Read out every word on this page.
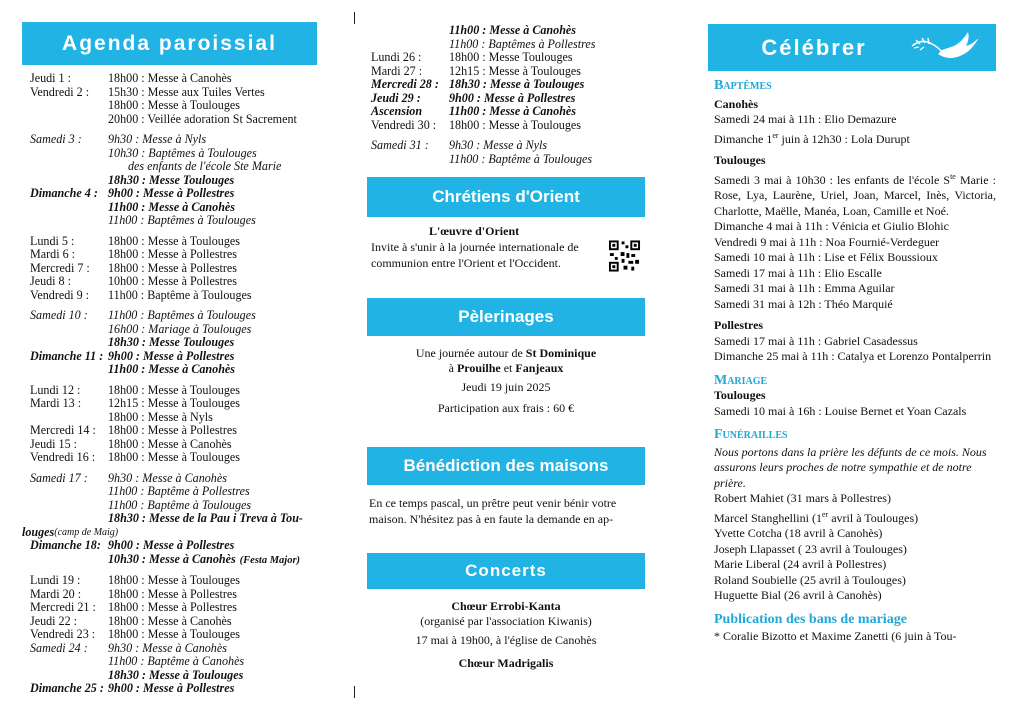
Agenda paroissial
Jeudi 1 :	18h00 : Messe à Canohès
Vendredi 2 :	15h30 : Messe aux Tuiles Vertes
18h00 : Messe à Toulouges
20h00 : Veillée adoration St Sacrement
Samedi 3 :	9h30 : Messe à Nyls
10h30 : Baptêmes à Toulouges
des enfants de l'école Ste Marie
18h30 : Messe Toulouges
Dimanche 4 : 9h00 : Messe à Pollestres
11h00 : Messe à Canohès
11h00 : Baptêmes à Toulouges
Lundi 5 :	18h00 : Messe à Toulouges
Mardi 6 :	18h00 : Messe à Pollestres
Mercredi 7 :	18h00 : Messe à Pollestres
Jeudi 8 :	10h00 : Messe à Pollestres
Vendredi 9 :	11h00 : Baptême à Toulouges
Samedi 10 :	11h00 : Baptêmes à Toulouges
16h00 : Mariage à Toulouges
18h30 : Messe Toulouges
Dimanche 11 : 9h00 : Messe à Pollestres
11h00 : Messe à Canohès
Lundi 12 :	18h00 : Messe à Toulouges
Mardi 13 :	12h15 : Messe à Toulouges
18h00 : Messe à Nyls
Mercredi 14 :	18h00 : Messe à Pollestres
Jeudi 15 :	18h00 : Messe à Canohès
Vendredi 16 :	18h00 : Messe à Toulouges
Samedi 17 :	9h30 : Messe à Canohès
11h00 : Baptême à Pollestres
11h00 : Baptême à Toulouges
18h30 : Messe de la Pau i Treva à Tou-
louges (camp de Maig)
Dimanche 18: 9h00 : Messe à Pollestres
10h30 : Messe à Canohès (Festa Major)
Lundi 19 :	18h00 : Messe à Toulouges
Mardi 20 :	18h00 : Messe à Pollestres
Mercredi 21 :	18h00 : Messe à Pollestres
Jeudi 22 :	18h00 : Messe à Canohès
Vendredi 23 :	18h00 : Messe à Toulouges
Samedi 24 :	9h30 : Messe à Canohès
11h00 : Baptême à Canohès
18h30 : Messe à Toulouges
Dimanche 25 : 9h00 : Messe à Pollestres
11h00 : Messe à Canohès
11h00 : Baptêmes à Pollestres
Lundi 26 :	18h00 : Messe Toulouges
Mardi 27 :	12h15 : Messe à Toulouges
Mercredi 28 : 18h30 : Messe à Toulouges
Jeudi 29 :	9h00 : Messe à Pollestres
Ascension	11h00 : Messe à Canohès
Vendredi 30 :	18h00 : Messe à Toulouges
Samedi 31 :	9h30 : Messe à Nyls
11h00 : Baptême à Toulouges
Chrétiens d'Orient
L'œuvre d'Orient
Invite à s'unir à la journée internationale de communion entre l'Orient et l'Occident.
Pèlerinages
Une journée autour de St Dominique
à Prouilhe et Fanjeaux
Jeudi 19 juin 2025
Participation aux frais : 60 €
Bénédiction des maisons
En ce temps pascal, un prêtre peut venir bénir votre maison. N'hésitez pas à en faute la demande en ap-
Concerts
Chœur Errobi-Kanta
(organisé par l'association Kiwanis)
17 mai à 19h00, à l'église de Canohès
Chœur Madrigalis
Célébrer
Baptêmes
Canohès
Samedi 24 mai à 11h : Elio Demazure
Dimanche 1er juin à 12h30 : Lola Durupt
Toulouges
Samedi 3 mai à 10h30 : les enfants de l'école $S^{te}$ Marie : Rose, Lya, Laurène, Uriel, Joan, Marcel, Inès, Victoria, Charlotte, Maëlle, Manéa, Loan, Camille et Noé.
Dimanche 4 mai à 11h : Vénicia et Giulio Blohic
Vendredi 9 mai à 11h : Noa Fournié-Verdeguer
Samedi 10 mai à 11h : Lise et Félix Boussioux
Samedi 17 mai à 11h : Elio Escalle
Samedi 31 mai à 11h : Emma Aguilar
Samedi 31 mai à 12h : Théo Marquié
Pollestres
Samedi 17 mai à 11h : Gabriel Casadessus
Dimanche 25 mai à 11h : Catalya et Lorenzo Pontalperrin
Mariage
Toulouges
Samedi 10 mai à 16h : Louise Bernet et Yoan Cazals
Funérailles
Nous portons dans la prière les défunts de ce mois. Nous assurons leurs proches de notre sympathie et de notre prière.
Robert Mahiet (31 mars à Pollestres)
Marcel Stanghellini (1er avril à Toulouges)
Yvette Cotcha (18 avril à Canohès)
Joseph Llapasset ( 23 avril à Toulouges)
Marie Liberal (24 avril à Pollestres)
Roland Soubielle (25 avril à Toulouges)
Huguette Bial (26 avril à Canohès)
Publication des bans de mariage
* Coralie Bizotto et Maxime Zanetti (6 juin à Tou-
